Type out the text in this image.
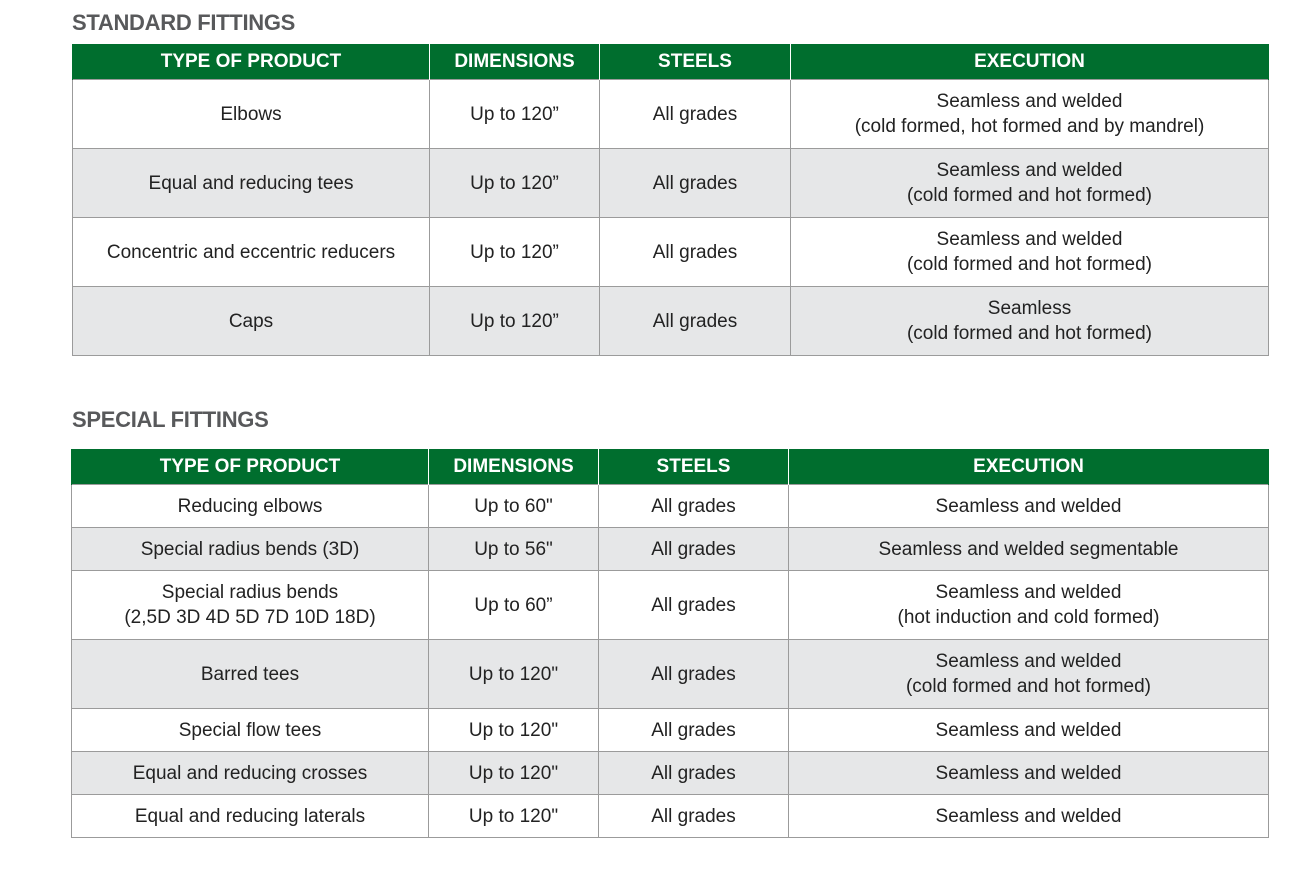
STANDARD FITTINGS
TYPE OF PRODUCT	DIMENSIONS	STEELS	EXECUTION
Elbows	Up to 120”	All grades	Seamless and welded
(cold formed, hot formed and by mandrel)

Equal and reducing tees	Up to 120”	All grades	Seamless and welded
(cold formed and hot formed)

Concentric and eccentric reducers	Up to 120”	All grades	Seamless and welded
(cold formed and hot formed)

Caps	Up to 120”	All grades	Seamless
(cold formed and hot formed)
SPECIAL FITTINGS
TYPE OF PRODUCT	DIMENSIONS	STEELS	EXECUTION

Reducing elbows	Up to 60"	All grades	Seamless and welded

Special radius bends (3D)	Up to 56"	All grades	Seamless and welded segmentable

Special radius bends
(2,5D 3D 4D 5D 7D 10D 18D)	Up to 60”	All grades	Seamless and welded
(hot induction and cold formed)

Barred tees	Up to 120"	All grades	Seamless and welded
(cold formed and hot formed)

Special flow tees	Up to 120"	All grades	Seamless and welded

Equal and reducing crosses	Up to 120"	All grades	Seamless and welded

Equal and reducing laterals	Up to 120"	All grades	Seamless and welded
